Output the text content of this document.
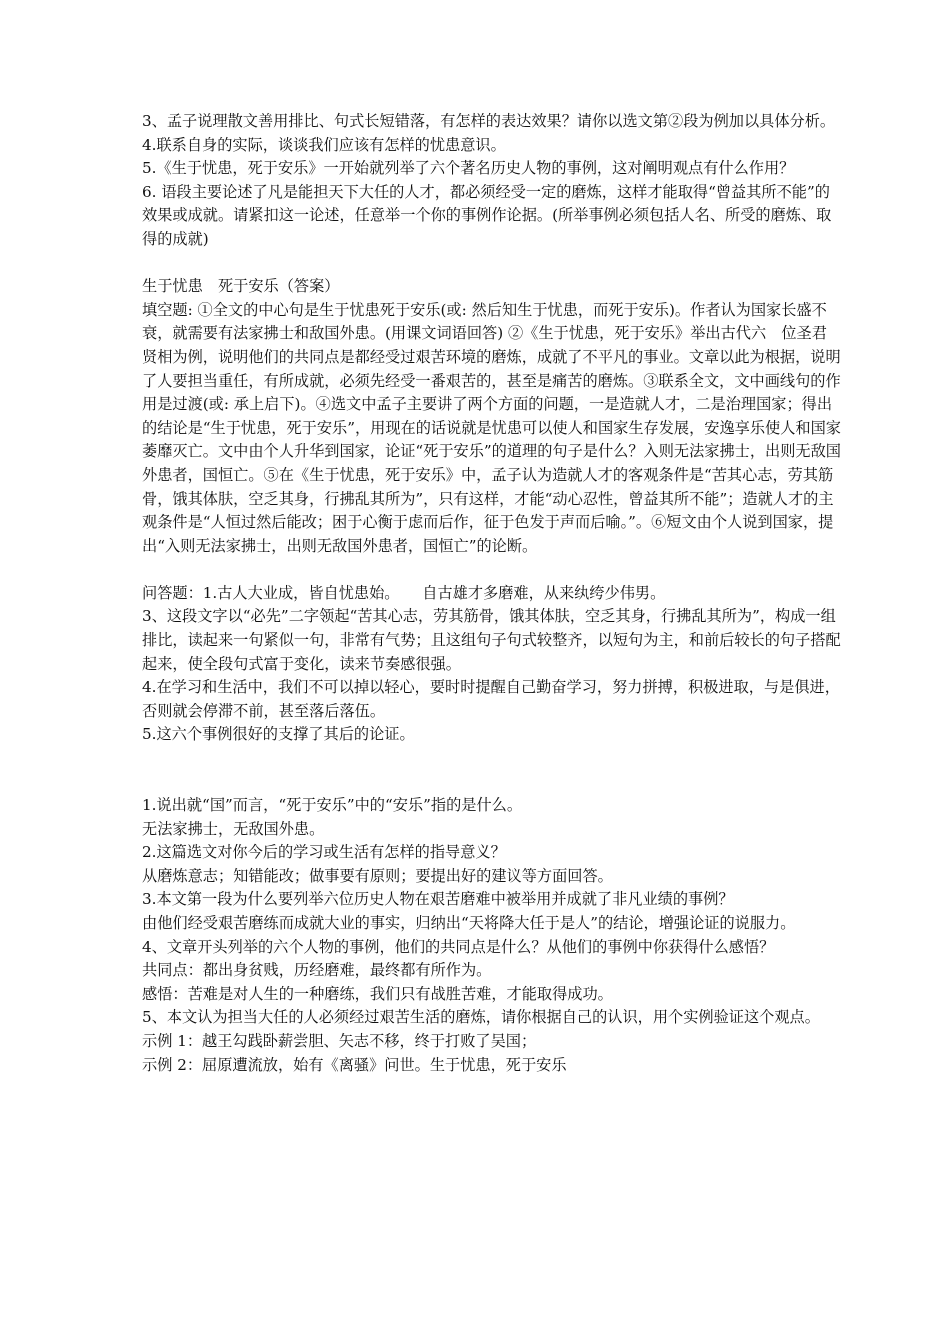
3、孟子说理散文善用排比、句式长短错落，有怎样的表达效果？请你以选文第②段为例加以具体分析。

4.联系自身的实际，谈谈我们应该有怎样的忧患意识。

5.《生于忧患，死于安乐》一开始就列举了六个著名历史人物的事例，这对阐明观点有什么作用？

6. 语段主要论述了凡是能担天下大任的人才，都必须经受一定的磨炼，这样才能取得“曾益其所不能”的效果或成就。请紧扣这一论述，任意举一个你的事例作论据。(所举事例必须包括人名、所受的磨炼、取得的成就)

生于忧患　死于安乐（答案）

填空题: ①全文的中心句是生于忧患死于安乐(或: 然后知生于忧患，而死于安乐)。作者认为国家长盛不衰，就需要有法家拂士和敌国外患。(用课文词语回答) ②《生于忧患，死于安乐》举出古代六　位圣君贤相为例，说明他们的共同点是都经受过艰苦环境的磨炼，成就了不平凡的事业。文章以此为根据，说明了人要担当重任，有所成就，必须先经受一番艰苦的，甚至是痛苦的磨炼。③联系全文，文中画线句的作用是过渡(或: 承上启下)。④选文中孟子主要讲了两个方面的问题，一是造就人才，二是治理国家；得出的结论是“生于忧患，死于安乐”，用现在的话说就是忧患可以使人和国家生存发展，安逸享乐使人和国家萎靡灭亡。文中由个人升华到国家，论证“死于安乐”的道理的句子是什么？入则无法家拂士，出则无敌国外患者，国恒亡。⑤在《生于忧患，死于安乐》中，孟子认为造就人才的客观条件是“苦其心志，劳其筋骨，饿其体肤，空乏其身，行拂乱其所为”，只有这样，才能“动心忍性，曾益其所不能”；造就人才的主观条件是“人恒过然后能改；困于心衡于虑而后作，征于色发于声而后喻。”。⑥短文由个人说到国家，提出“入则无法家拂士，出则无敌国外患者，国恒亡”的论断。

问答题：1.古人大业成，皆自忧患始。　　自古雄才多磨难，从来纨绔少伟男。

3、这段文字以“必先”二字领起“苦其心志，劳其筋骨，饿其体肤，空乏其身，行拂乱其所为”，构成一组排比，读起来一句紧似一句，非常有气势；且这组句子句式较整齐，以短句为主，和前后较长的句子搭配起来，使全段句式富于变化，读来节奏感很强。

4.在学习和生活中，我们不可以掉以轻心，要时时提醒自己勤奋学习，努力拼搏，积极进取，与是俱进，否则就会停滞不前，甚至落后落伍。

5.这六个事例很好的支撑了其后的论证。

1.说出就“国”而言，“死于安乐”中的“安乐”指的是什么。

无法家拂士，无敌国外患。

2.这篇选文对你今后的学习或生活有怎样的指导意义？

从磨炼意志；知错能改；做事要有原则；要提出好的建议等方面回答。

3.本文第一段为什么要列举六位历史人物在艰苦磨难中被举用并成就了非凡业绩的事例？

由他们经受艰苦磨练而成就大业的事实，归纳出“天将降大任于是人”的结论，增强论证的说服力。

4、文章开头列举的六个人物的事例，他们的共同点是什么？从他们的事例中你获得什么感悟？

共同点：都出身贫贱，历经磨难，最终都有所作为。

感悟：苦难是对人生的一种磨练，我们只有战胜苦难，才能取得成功。

5、本文认为担当大任的人必须经过艰苦生活的磨炼，请你根据自己的认识，用个实例验证这个观点。

示例 1：越王勾践卧薪尝胆、矢志不移，终于打败了吴国；

示例 2：屈原遭流放，始有《离骚》问世。生于忧患，死于安乐
